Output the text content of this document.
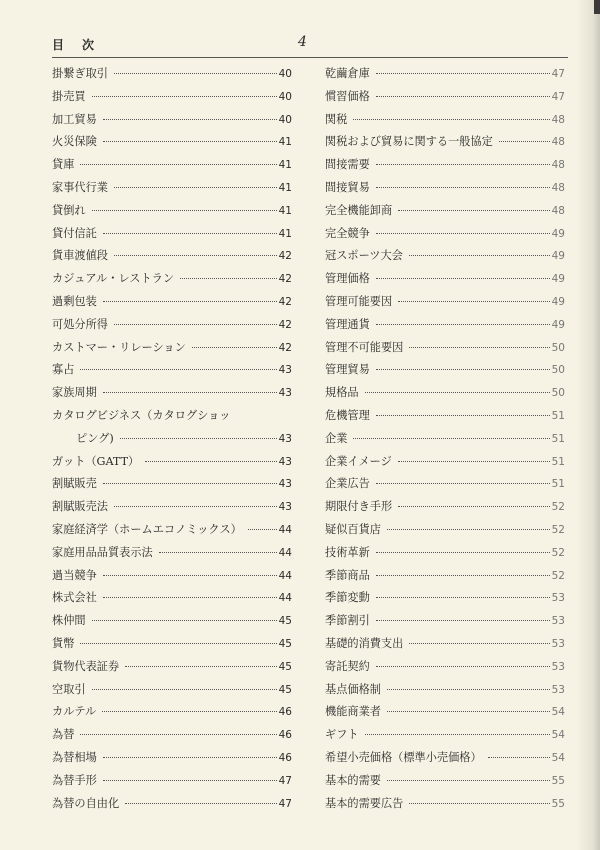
目次	4
掛繋ぎ取引	40
掛売買	40
加工貿易	40
火災保険	41
貸庫	41
家事代行業	41
貸倒れ	41
貸付信託	41
貨車渡値段	42
カジュアル・レストラン	42
過剰包装	42
可処分所得	42
カストマー・リレーション	42
寡占	43
家族周期	43
カタログビジネス（カタログショッ
ピング)	43
ガット（GATT）	43
割賦販売	43
割賦販売法	43
家庭経済学（ホームエコノミックス）	44
家庭用品品質表示法	44
過当競争	44
株式会社	44
株仲間	45
貨幣	45
貨物代表証券	45
空取引	45
カルテル	46
為替	46
為替相場	46
為替手形	47
為替の自由化	47
乾繭倉庫	47
慣習価格	47
関税	48
関税および貿易に関する一般協定	48
間接需要	48
間接貿易	48
完全機能卸商	48
完全競争	49
冠スポーツ大会	49
管理価格	49
管理可能要因	49
管理通貨	49
管理不可能要因	50
管理貿易	50
規格品	50
危機管理	51
企業	51
企業イメージ	51
企業広告	51
期限付き手形	52
疑似百貨店	52
技術革新	52
季節商品	52
季節変動	53
季節割引	53
基礎的消費支出	53
寄託契約	53
基点価格制	53
機能商業者	54
ギフト	54
希望小売価格（標準小売価格）	54
基本的需要	55
基本的需要広告	55
